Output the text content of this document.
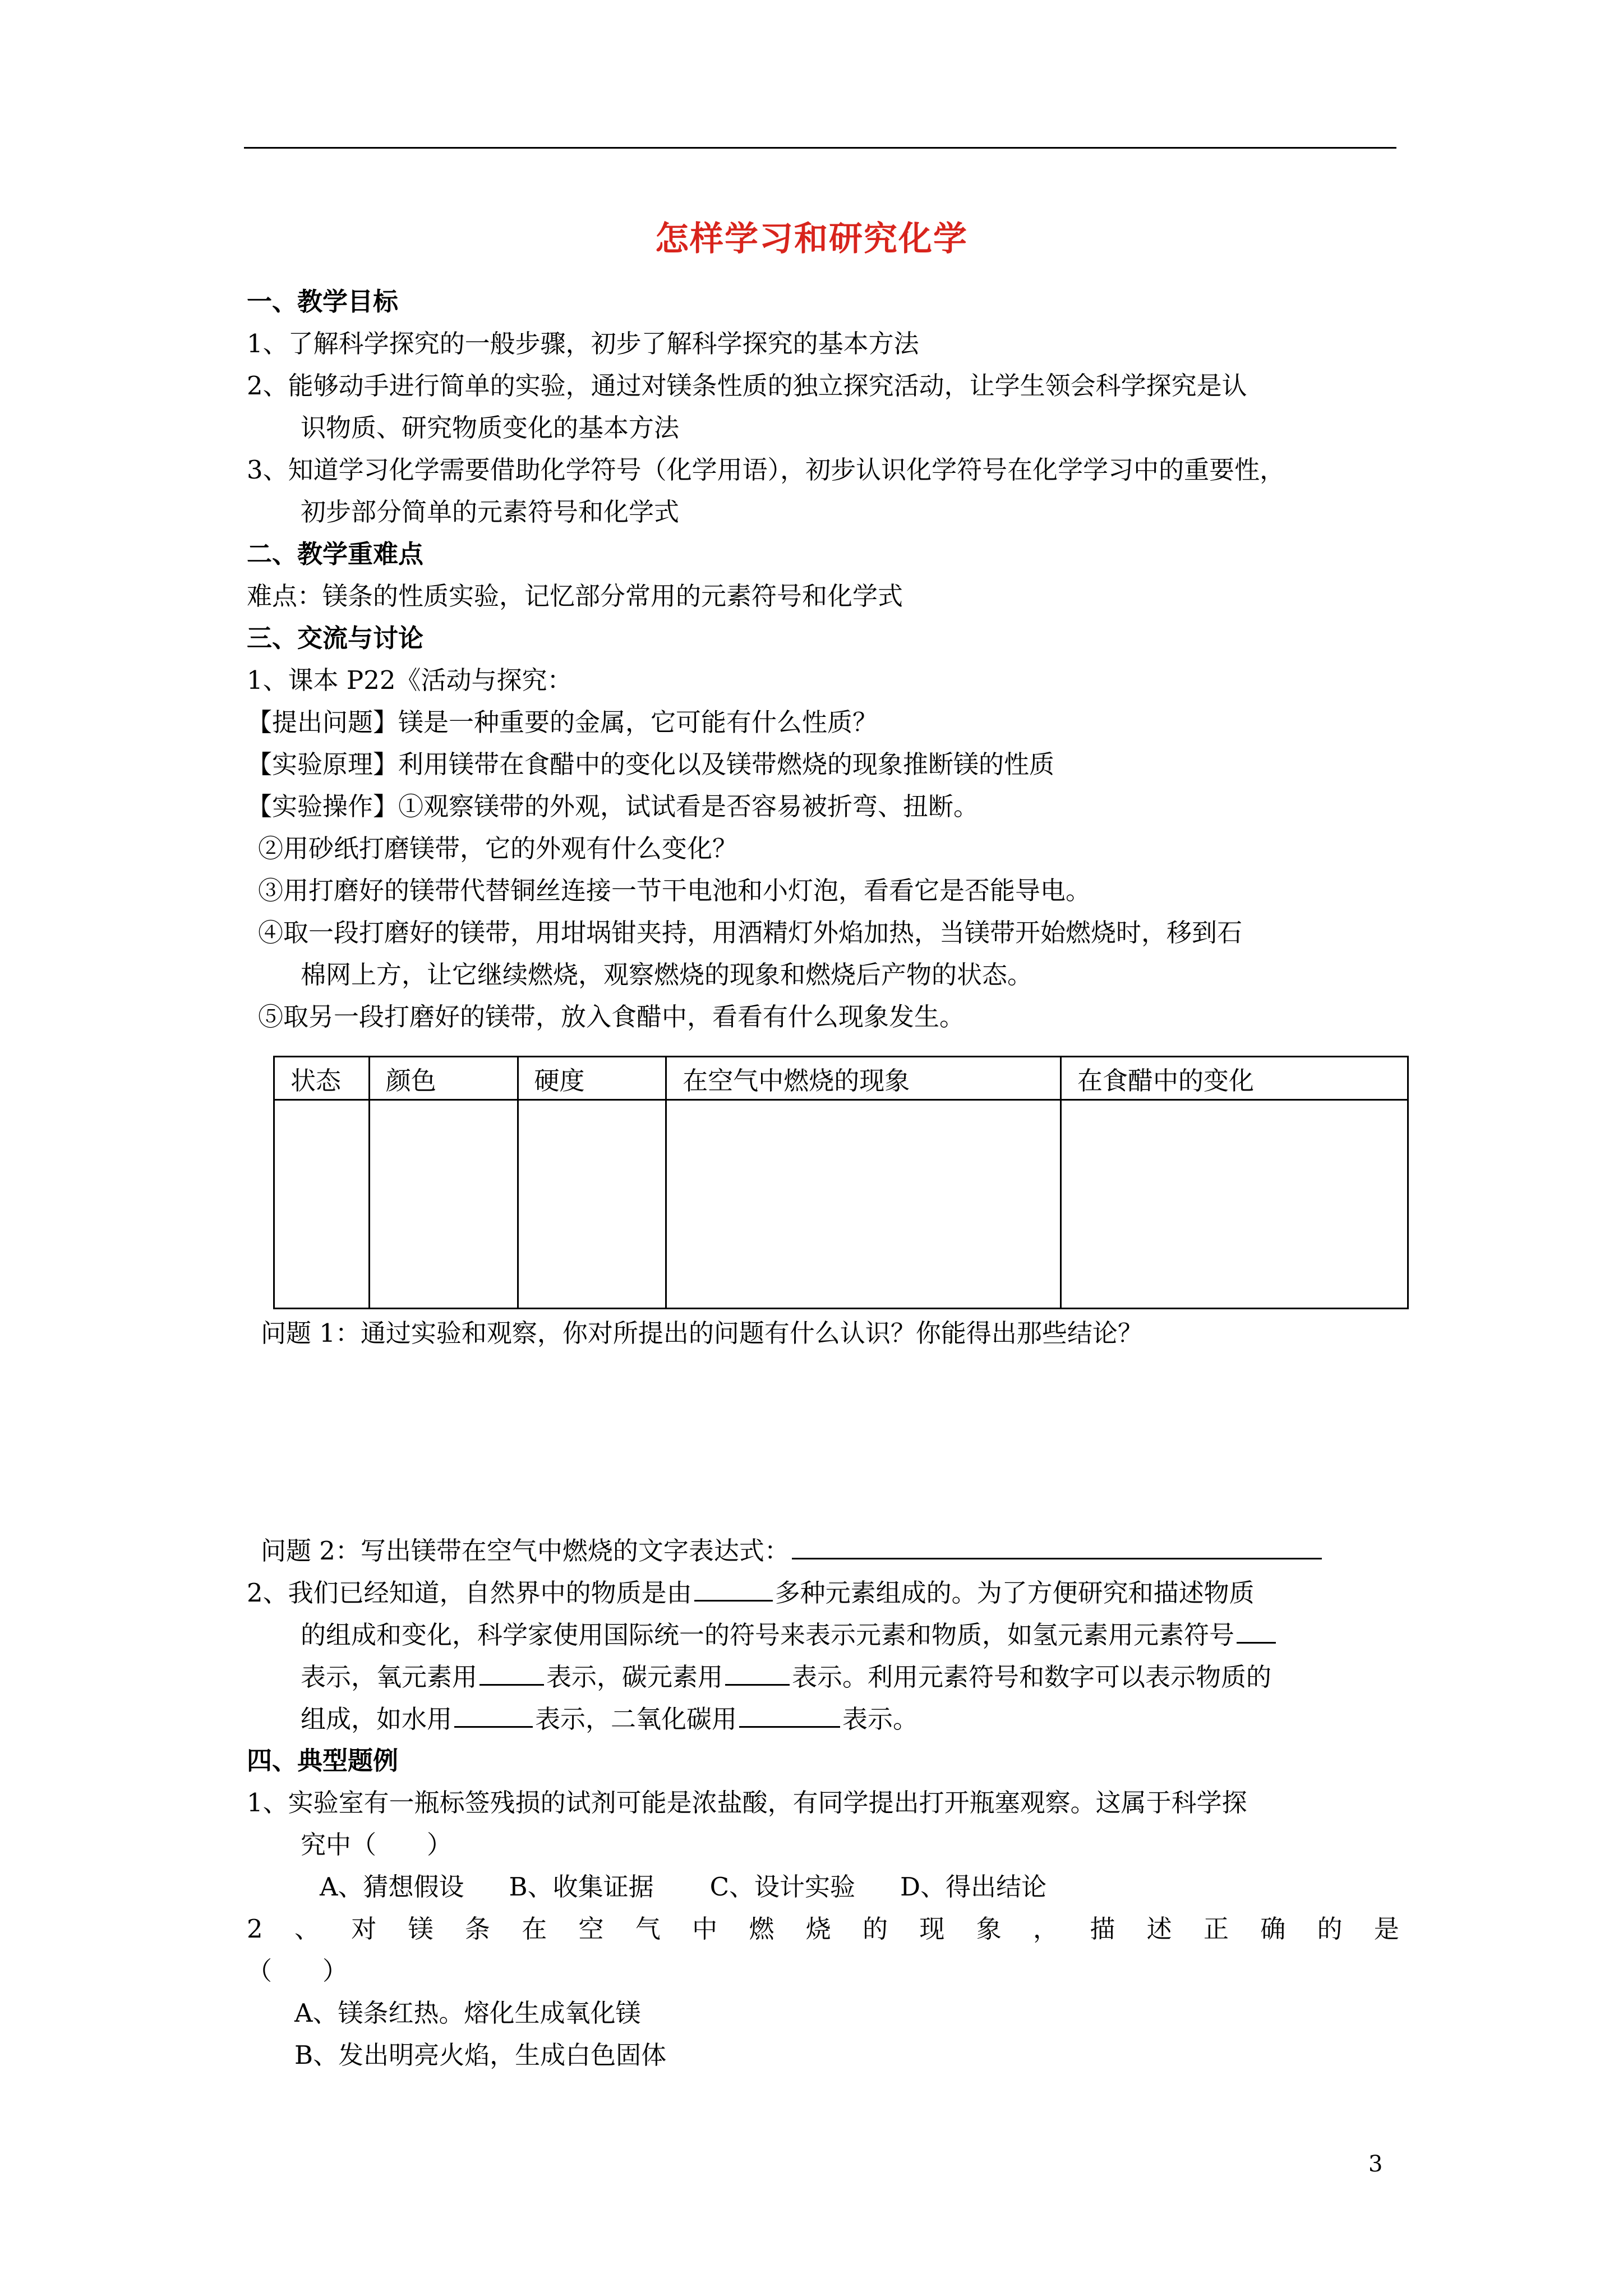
怎样学习和研究化学
一、教学目标
1、了解科学探究的一般步骤，初步了解科学探究的基本方法
2、能够动手进行简单的实验，通过对镁条性质的独立探究活动，让学生领会科学探究是认
识物质、研究物质变化的基本方法
3、知道学习化学需要借助化学符号（化学用语），初步认识化学符号在化学学习中的重要性，
初步部分简单的元素符号和化学式
二、教学重难点
难点：镁条的性质实验，记忆部分常用的元素符号和化学式
三、交流与讨论
1、课本 P22《活动与探究：
【提出问题】镁是一种重要的金属，它可能有什么性质？
【实验原理】利用镁带在食醋中的变化以及镁带燃烧的现象推断镁的性质
【实验操作】①观察镁带的外观，试试看是否容易被折弯、扭断。
②用砂纸打磨镁带，它的外观有什么变化？
③用打磨好的镁带代替铜丝连接一节干电池和小灯泡，看看它是否能导电。
④取一段打磨好的镁带，用坩埚钳夹持，用酒精灯外焰加热，当镁带开始燃烧时，移到石
棉网上方，让它继续燃烧，观察燃烧的现象和燃烧后产物的状态。
⑤取另一段打磨好的镁带，放入食醋中，看看有什么现象发生。
状态	颜色	硬度	在空气中燃烧的现象	在食醋中的变化

问题 1：通过实验和观察，你对所提出的问题有什么认识？你能得出那些结论？
问题 2：写出镁带在空气中燃烧的文字表达式：
2、我们已经知道，自然界中的物质是由	多种元素组成的。为了方便研究和描述物质
的组成和变化，科学家使用国际统一的符号来表示元素和物质，如氢元素用元素符号
表示，氧元素用	表示，碳元素用	表示。利用元素符号和数字可以表示物质的
组成，如水用	表示，二氧化碳用	表示。
四、典型题例
1、实验室有一瓶标签残损的试剂可能是浓盐酸，有同学提出打开瓶塞观察。这属于科学探
究中（　　）
A、猜想假设 B、收集证据 C、设计实验 D、得出结论
2 、 对 镁 条 在 空 气 中 燃 烧 的 现 象 ， 描 述 正 确 的 是
（　　）
A、镁条红热。熔化生成氧化镁
B、发出明亮火焰，生成白色固体
3
